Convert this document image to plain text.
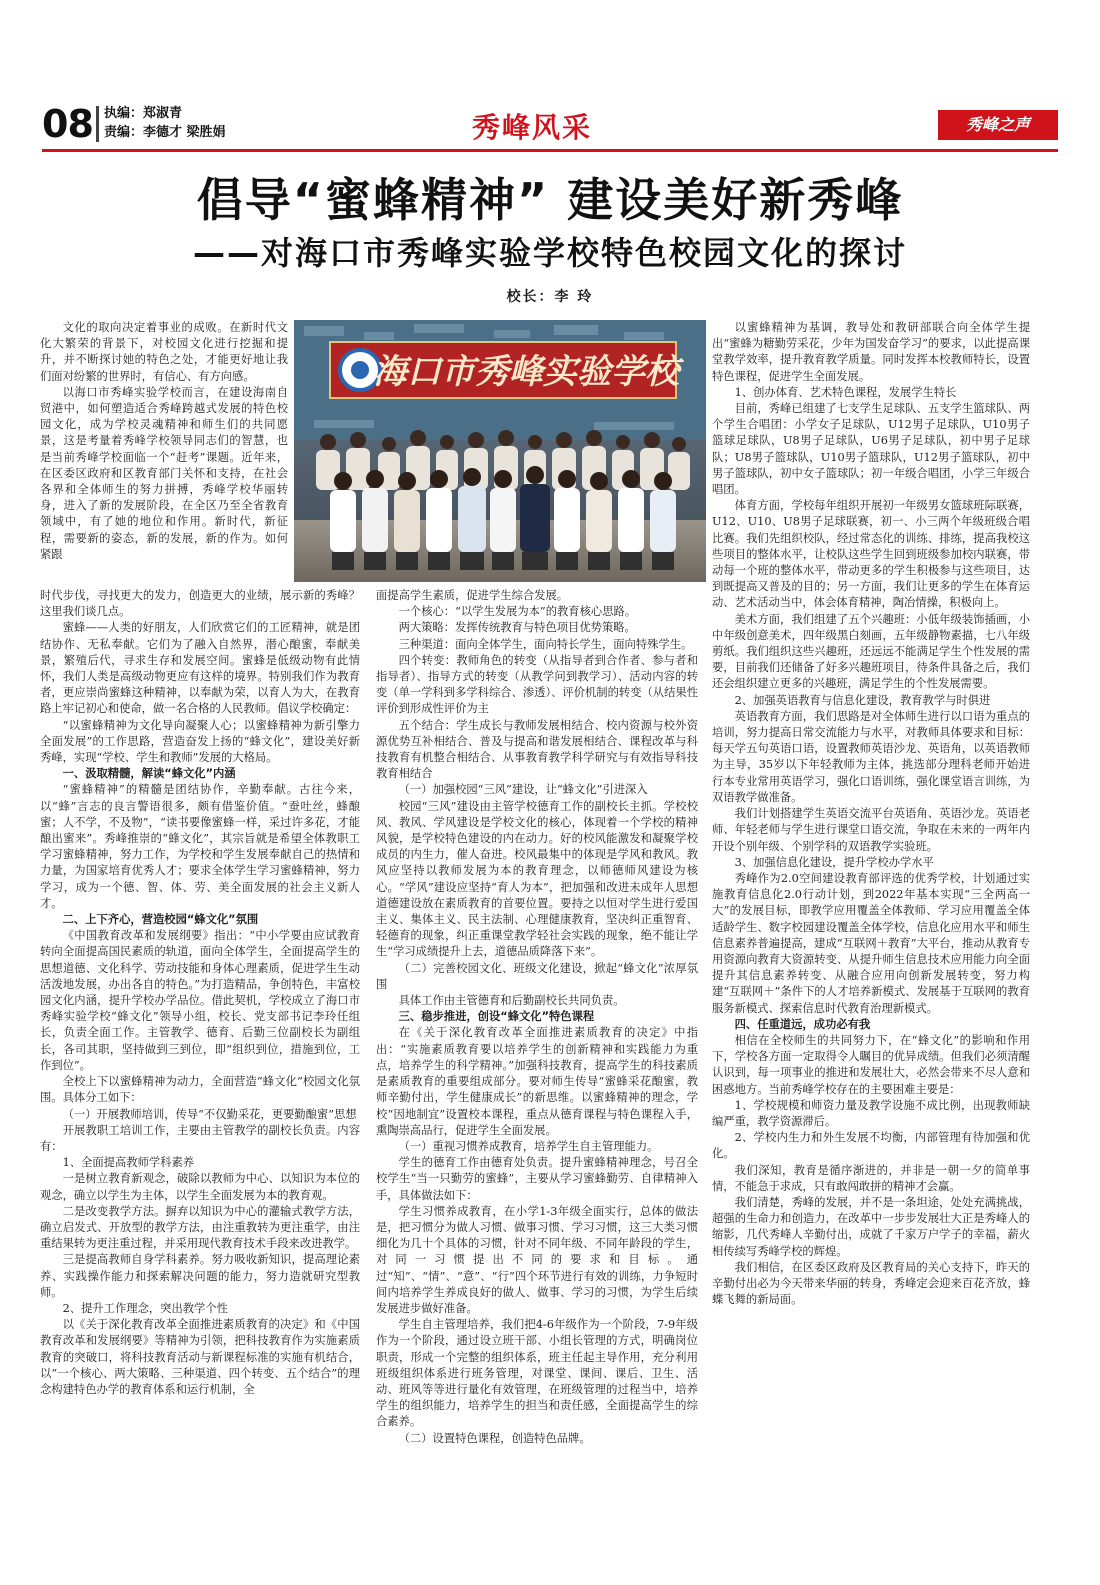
08 执编：郑淑青
责编：李德才 梁胜娟	秀峰风采	秀峰之声
倡导“蜜蜂精神” 建设美好新秀峰
——对海口市秀峰实验学校特色校园文化的探讨
校长：李 玲
海口市秀峰实验学校

文化的取向决定着事业的成败。在新时代文化大繁荣的背景下，对校园文化进行挖掘和提升，并不断探讨她的特色之处，才能更好地让我们面对纷繁的世界时，有信心、有方向感。

以海口市秀峰实验学校而言，在建设海南自贸港中，如何塑造适合秀峰跨越式发展的特色校园文化，成为学校灵魂精神和师生们的共同愿景，这是考量着秀峰学校领导同志们的智慧，也是当前秀峰学校面临一个“赶考”课题。近年来，在区委区政府和区教育部门关怀和支持，在社会各界和全体师生的努力拼搏，秀峰学校华丽转身，进入了新的发展阶段，在全区乃至全省教育领域中，有了她的地位和作用。新时代，新征程，需要新的姿态，新的发展，新的作为。如何紧跟

时代步伐，寻找更大的发力，创造更大的业绩，展示新的秀峰？这里我们谈几点。

蜜蜂——人类的好朋友，人们欣赏它们的工匠精神，就是团结协作、无私奉献。它们为了融入自然界，潜心酿蜜，奉献美景，繁殖后代，寻求生存和发展空间。蜜蜂是低级动物有此情怀，我们人类是高级动物更应有这样的境界。特别我们作为教育者，更应崇尚蜜蜂这种精神，以奉献为荣，以育人为大，在教育路上牢记初心和使命，做一名合格的人民教师。倡议学校确定：

“以蜜蜂精神为文化导向凝聚人心；以蜜蜂精神为新引擎力全面发展”的工作思路，营造奋发上扬的“蜂文化”，建设美好新秀峰，实现“学校、学生和教师”发展的大格局。

一、汲取精髓，解读“蜂文化”内涵

“蜜蜂精神”的精髓是团结协作，辛勤奉献。古往今来，以“蜂”言志的良言警语很多，颇有借鉴价值。“蚕吐丝，蜂酿蜜；人不学，不及物”，“读书要像蜜蜂一样，采过许多花，才能酿出蜜来”。秀峰推崇的“蜂文化”，其宗旨就是希望全体教职工学习蜜蜂精神，努力工作，为学校和学生发展奉献自己的热情和力量，为国家培育优秀人才；要求全体学生学习蜜蜂精神，努力学习，成为一个德、智、体、劳、美全面发展的社会主义新人才。

二、上下齐心，营造校园“蜂文化”氛围

《中国教育改革和发展纲要》指出：“中小学要由应试教育转向全面提高国民素质的轨道，面向全体学生，全面提高学生的思想道德、文化科学、劳动技能和身体心理素质，促进学生生动活泼地发展，办出各自的特色。”为打造精品，争创特色，丰富校园文化内涵，提升学校办学品位。借此契机，学校成立了海口市秀峰实验学校“蜂文化”领导小组，校长、党支部书记李玲任组长，负责全面工作。主管教学、德育、后勤三位副校长为副组长，各司其职，坚持做到三到位，即“组织到位，措施到位，工作到位”。

全校上下以蜜蜂精神为动力，全面营造“蜂文化”校园文化氛围。具体分工如下：

（一）开展教师培训，传导“不仅勤采花，更要勤酿蜜”思想

开展教职工培训工作，主要由主管教学的副校长负责。内容有：

1、全面提高教师学科素养

一是树立教育新观念，破除以教师为中心、以知识为本位的观念，确立以学生为主体，以学生全面发展为本的教育观。

二是改变教学方法。摒弃以知识为中心的灌输式教学方法，确立启发式、开放型的教学方法，由注重教转为更注重学，由注重结果转为更注重过程，并采用现代教育技术手段来改进教学。

三是提高教师自身学科素养。努力吸收新知识，提高理论素养、实践操作能力和探索解决问题的能力，努力造就研究型教师。

2、提升工作理念，突出教学个性

以《关于深化教育改革全面推进素质教育的决定》和《中国教育改革和发展纲要》等精神为引领，把科技教育作为实施素质教育的突破口，将科技教育活动与新课程标准的实施有机结合，以“一个核心、两大策略、三种渠道、四个转变、五个结合”的理念构建特色办学的教育体系和运行机制，全

面提高学生素质，促进学生综合发展。

一个核心：“以学生发展为本”的教育核心思路。

两大策略：发挥传统教育与特色项目优势策略。

三种渠道：面向全体学生，面向特长学生，面向特殊学生。

四个转变：教师角色的转变（从指导者到合作者、参与者和指导者）、指导方式的转变（从教学问到教学习）、活动内容的转变（单一学科到多学科综合、渗透）、评价机制的转变（从结果性评价到形成性评价为主

五个结合：学生成长与教师发展相结合、校内资源与校外资源优势互补相结合、普及与提高和谐发展相结合、课程改革与科技教育有机整合相结合、从事教育教学科学研究与有效指导科技教育相结合

（一）加强校园“三风”建设，让“蜂文化”引进深入

校园“三风”建设由主管学校德育工作的副校长主抓。学校校风、教风、学风建设是学校文化的核心，体现着一个学校的精神风貌，是学校特色建设的内在动力。好的校风能激发和凝聚学校成员的内生力，催人奋进。校风最集中的体现是学风和教风。教风应坚持以教师发展为本的教育理念，以师德师风建设为核心。“学风”建设应坚持“育人为本”，把加强和改进未成年人思想道德建设放在素质教育的首要位置。要持之以恒对学生进行爱国主义、集体主义、民主法制、心理健康教育，坚决纠正重智育、轻德育的现象，纠正重课堂教学轻社会实践的现象，绝不能让学生“学习成绩提升上去，道德品质降落下来”。

（二）完善校园文化、班级文化建设，掀起“蜂文化”浓厚氛围

具体工作由主管德育和后勤副校长共同负责。

三、稳步推进，创设“蜂文化”特色课程

在《关于深化教育改革全面推进素质教育的决定》中指出：“实施素质教育要以培养学生的创新精神和实践能力为重点，培养学生的科学精神。”加强科技教育，提高学生的科技素质是素质教育的重要组成部分。要对师生传导“蜜蜂采花酿蜜，教师辛勤付出，学生健康成长”的新思维。以蜜蜂精神的理念，学校“因地制宜”设置校本课程，重点从德育课程与特色课程入手，熏陶崇高品行，促进学生全面发展。

（一）重视习惯养成教育，培养学生自主管理能力。

学生的德育工作由德育处负责。提升蜜蜂精神理念，号召全校学生“当一只勤劳的蜜蜂”，主要从学习蜜蜂勤劳、自律精神入手，具体做法如下：

学生习惯养成教育，在小学1-3年级全面实行，总体的做法是，把习惯分为做人习惯、做事习惯、学习习惯，这三大类习惯细化为几十个具体的习惯，针对不同年级、不同年龄段的学生，对同一习惯提出不同的要求和目标。通过“知”、“情”、“意”、“行”四个环节进行有效的训练，力争短时间内培养学生养成良好的做人、做事、学习的习惯，为学生后续发展进步做好准备。

学生自主管理培养，我们把4-6年级作为一个阶段，7-9年级作为一个阶段，通过设立班干部、小组长管理的方式，明确岗位职责，形成一个完整的组织体系，班主任起主导作用，充分利用班级组织体系进行班务管理，对课堂、课间、课后、卫生、活动、班风等等进行量化有效管理，在班级管理的过程当中，培养学生的组织能力，培养学生的担当和责任感，全面提高学生的综合素养。

（二）设置特色课程，创造特色品牌。

以蜜蜂精神为基调，教导处和教研部联合向全体学生提出“蜜蜂为糖勤劳采花，少年为国发奋学习”的要求，以此提高课堂教学效率，提升教育教学质量。同时发挥本校教师特长，设置特色课程，促进学生全面发展。

1、创办体育、艺术特色课程，发展学生特长

目前，秀峰已组建了七支学生足球队、五支学生篮球队、两个学生合唱团：小学女子足球队，U12男子足球队，U10男子篮球足球队，U8男子足球队，U6男子足球队，初中男子足球队；U8男子篮球队，U10男子篮球队，U12男子篮球队，初中男子篮球队，初中女子篮球队；初一年级合唱团，小学三年级合唱团。

体育方面，学校每年组织开展初一年级男女篮球班际联赛，U12、U10、U8男子足球联赛，初一、小三两个年级班级合唱比赛。我们先组织校队，经过常态化的训练、排练，提高我校这些项目的整体水平，让校队这些学生回到班级参加校内联赛，带动每一个班的整体水平，带动更多的学生积极参与这些项目，达到既提高又普及的目的；另一方面，我们让更多的学生在体育运动、艺术活动当中，体会体育精神，陶冶情操，积极向上。

美术方面，我们组建了五个兴趣班：小低年级装饰插画，小中年级创意美术，四年级黑白刻画，五年级静物素描，七八年级剪纸。我们组织这些兴趣班，还远远不能满足学生个性发展的需要，目前我们还储备了好多兴趣班项目，待条件具备之后，我们还会组织建立更多的兴趣班，满足学生的个性发展需要。

2、加强英语教育与信息化建设，教育教学与时俱进

英语教育方面，我们思路是对全体师生进行以口语为重点的培训，努力提高日常交流能力与水平，对教师具体要求和目标：每天学五句英语口语，设置教师英语沙龙、英语角，以英语教师为主导，35岁以下年轻教师为主体，挑选部分理科老师开始进行本专业常用英语学习，强化口语训练，强化课堂语言训练，为双语教学做准备。

我们计划搭建学生英语交流平台英语角、英语沙龙。英语老师、年轻老师与学生进行课堂口语交流，争取在未来的一两年内开设个别年级、个别学科的双语教学实验班。

3、加强信息化建设，提升学校办学水平

秀峰作为2.0空间建设教育部评选的优秀学校，计划通过实施教育信息化2.0行动计划，到2022年基本实现“三全两高一大”的发展目标，即教学应用覆盖全体教师、学习应用覆盖全体适龄学生、数字校园建设覆盖全体学校，信息化应用水平和师生信息素养普遍提高，建成“互联网＋教育”大平台，推动从教育专用资源向教育大资源转变、从提升师生信息技术应用能力向全面提升其信息素养转变、从融合应用向创新发展转变，努力构建“互联网＋”条件下的人才培养新模式、发展基于互联网的教育服务新模式、探索信息时代教育治理新模式。

四、任重道远，成功必有我

相信在全校师生的共同努力下，在“蜂文化”的影响和作用下，学校各方面一定取得令人瞩目的优异成绩。但我们必须清醒认识到，每一项事业的推进和发展壮大，必然会带来不尽人意和困惑地方。当前秀峰学校存在的主要困难主要是：

1、学校规模和师资力量及教学设施不成比例，出现教师缺编严重，教学资源滞后。

2、学校内生力和外生发展不均衡，内部管理有待加强和优化。

我们深知，教育是循序渐进的，并非是一朝一夕的简单事情，不能急于求成，只有敢闯敢拼的精神才会赢。

我们清楚，秀峰的发展，并不是一条坦途，处处充满挑战，超强的生命力和创造力，在改革中一步步发展壮大正是秀峰人的缩影，几代秀峰人辛勤付出，成就了千家万户学子的幸福，薪火相传续写秀峰学校的辉煌。

我们相信，在区委区政府及区教育局的关心支持下，昨天的辛勤付出必为今天带来华丽的转身，秀峰定会迎来百花齐放，蜂蝶飞舞的新局面。
